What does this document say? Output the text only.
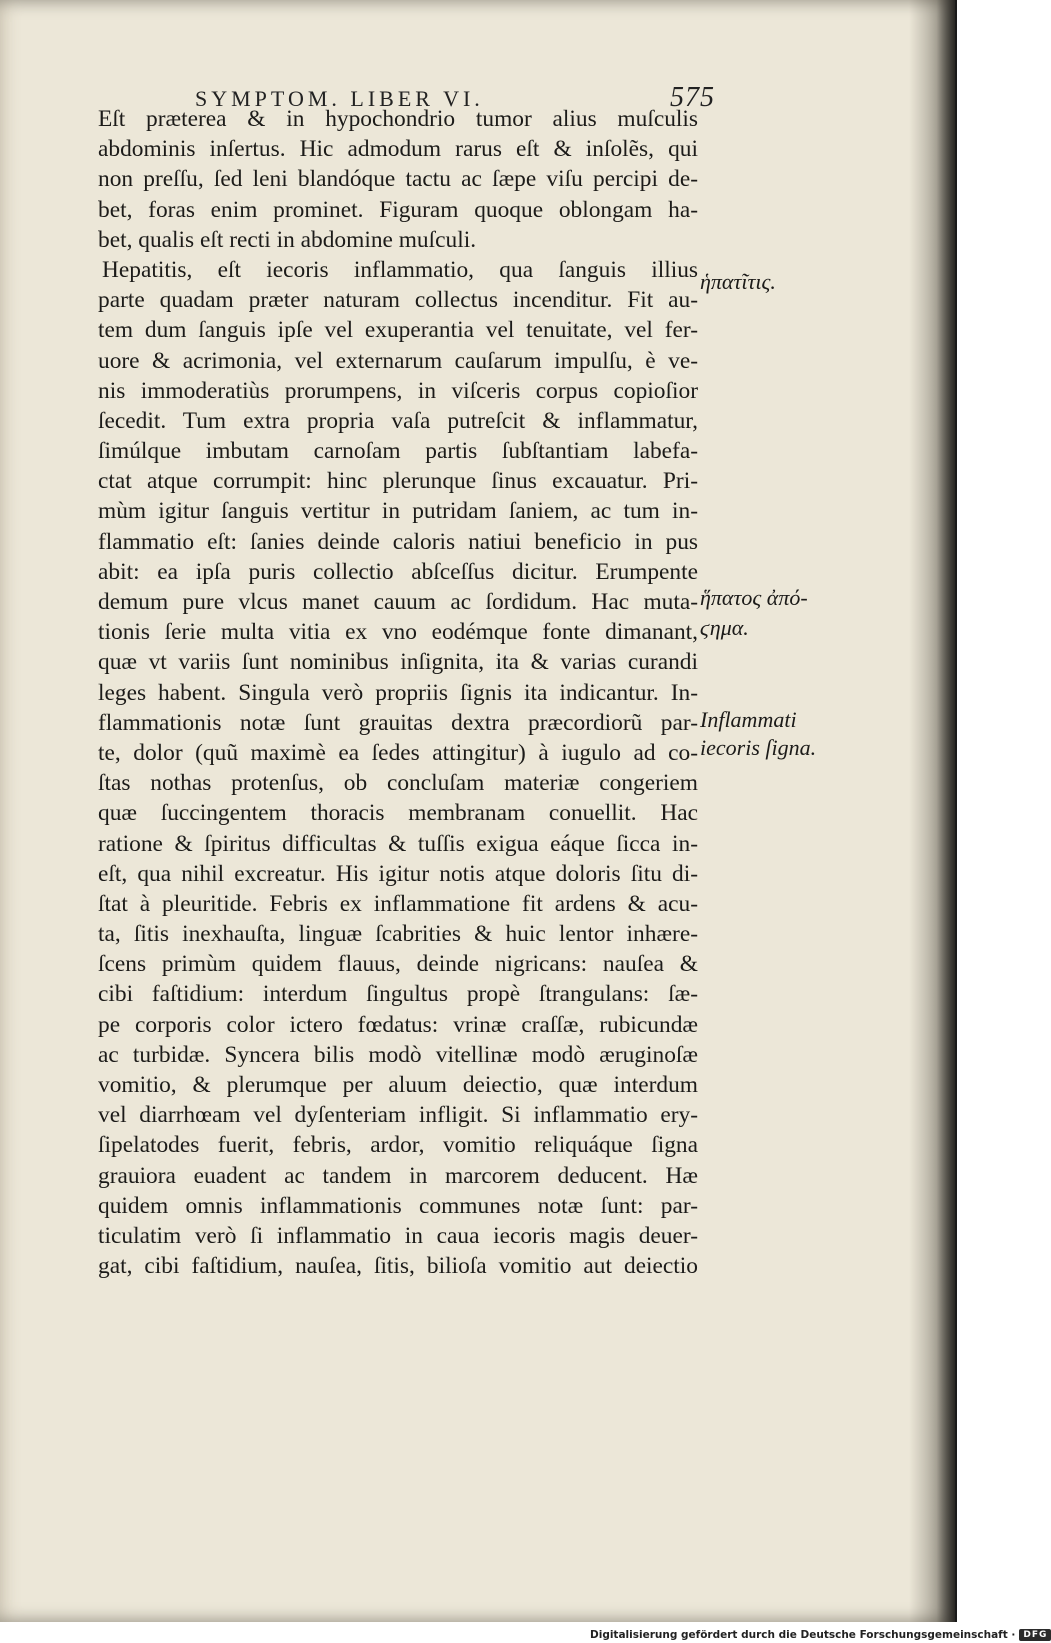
SYMPTOM. LIBER VI.	575
Eſt præterea & in hypochondrio tumor alius muſculis
abdominis inſertus. Hic admodum rarus eſt & inſolẽs, qui
non preſſu, ſed leni blandóque tactu ac ſæpe viſu percipi de-
bet, foras enim prominet. Figuram quoque oblongam ha-
bet, qualis eſt recti in abdomine muſculi.
Hepatitis, eſt iecoris inflammatio, qua ſanguis illius
parte quadam præter naturam collectus incenditur. Fit au-
tem dum ſanguis ipſe vel exuperantia vel tenuitate, vel fer-
uore & acrimonia, vel externarum cauſarum impulſu, è ve-
nis immoderatiùs prorumpens, in viſceris corpus copioſior
ſecedit. Tum extra propria vaſa putreſcit & inflammatur,
ſimúlque imbutam carnoſam partis ſubſtantiam labefa-
ctat atque corrumpit: hinc plerunque ſinus excauatur. Pri-
mùm igitur ſanguis vertitur in putridam ſaniem, ac tum in-
flammatio eſt: ſanies deinde caloris natiui beneficio in pus
abit: ea ipſa puris collectio abſceſſus dicitur. Erumpente
demum pure vlcus manet cauum ac ſordidum. Hac muta-
tionis ſerie multa vitia ex vno eodémque fonte dimanant,
quæ vt variis ſunt nominibus inſignita, ita & varias curandi
leges habent. Singula verò propriis ſignis ita indicantur. In-
flammationis notæ ſunt grauitas dextra præcordiorũ par-
te, dolor (quũ maximè ea ſedes attingitur) à iugulo ad co-
ſtas nothas protenſus, ob concluſam materiæ congeriem
quæ ſuccingentem thoracis membranam conuellit. Hac
ratione & ſpiritus difficultas & tuſſis exigua eáque ſicca in-
eſt, qua nihil excreatur. His igitur notis atque doloris ſitu di-
ſtat à pleuritide. Febris ex inflammatione fit ardens & acu-
ta, ſitis inexhauſta, linguæ ſcabrities & huic lentor inhære-
ſcens primùm quidem flauus, deinde nigricans: nauſea &
cibi faſtidium: interdum ſingultus propè ſtrangulans: ſæ-
pe corporis color ictero fœdatus: vrinæ craſſæ, rubicundæ
ac turbidæ. Syncera bilis modò vitellinæ modò æruginoſæ
vomitio, & plerumque per aluum deiectio, quæ interdum
vel diarrhœam vel dyſenteriam infligit. Si inflammatio ery-
ſipelatodes fuerit, febris, ardor, vomitio reliquáque ſigna
grauiora euadent ac tandem in marcorem deducent. Hæ
quidem omnis inflammationis communes notæ ſunt: par-
ticulatim verò ſi inflammatio in caua iecoris magis deuer-
gat, cibi faſtidium, nauſea, ſitis, bilioſa vomitio aut deiectio
ἡπατῖτις.
ἥπατος ἀπό-
ϛημα.
Inflammati
iecoris ſigna.
Digitalisierung gefördert durch die Deutsche Forschungsgemeinschaft · DFG
